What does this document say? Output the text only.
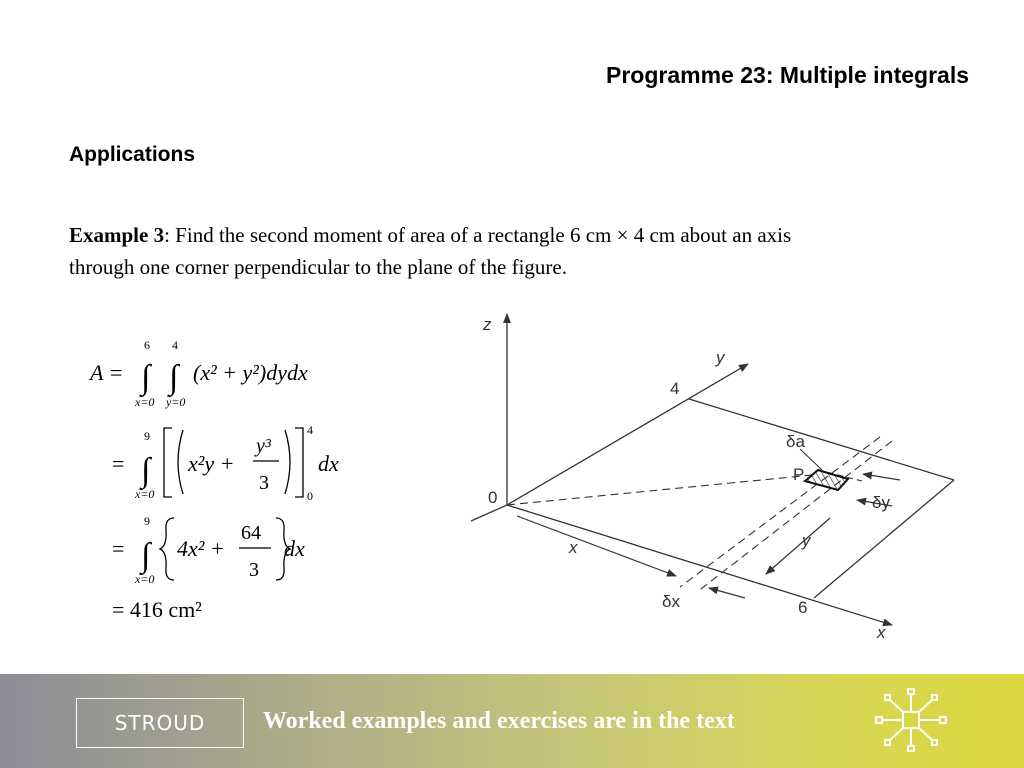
Programme 23: Multiple integrals
Applications
Example 3: Find the second moment of area of a rectangle 6 cm × 4 cm about an axis through one corner perpendicular to the plane of the figure.
A =
6
∫
x=0
4
∫
y=0
(x² + y²)dydx
=
9
∫
x=0
x²y +
y³
3
4
0
dx
=
9
∫
x=0
4x² +
64
3
dx
= 416 cm²
z
y
4
0
δa
P
δy
x	y
δx	6
x
STROUD	Worked examples and exercises are in the text
